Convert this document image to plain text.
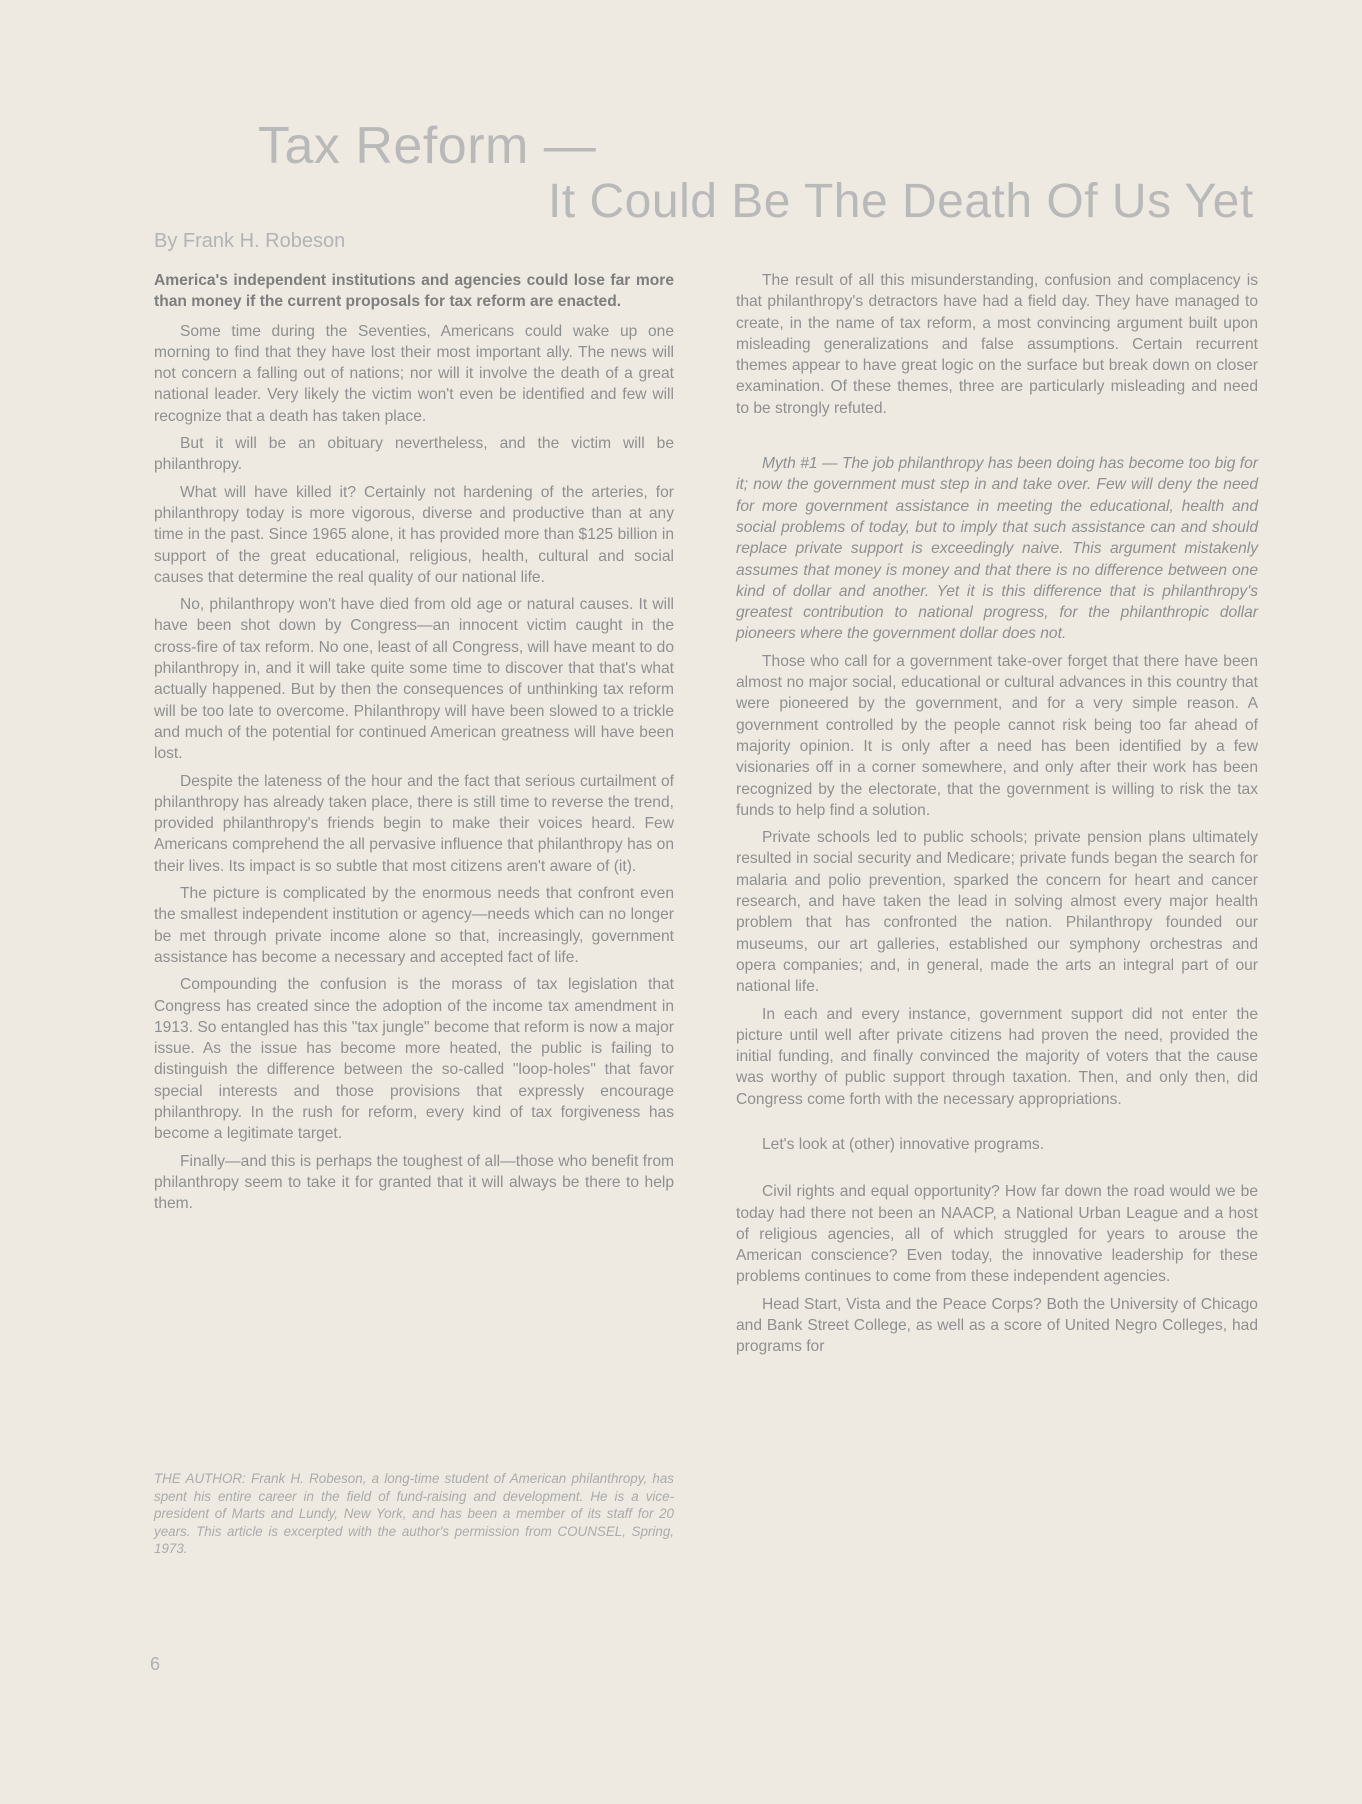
Tax Reform —
It Could Be The Death Of Us Yet
By Frank H. Robeson

America's independent institutions and agencies could lose far more than money if the current proposals for tax reform are enacted.

Some time during the Seventies, Americans could wake up one morning to find that they have lost their most important ally. The news will not concern a falling out of nations; nor will it involve the death of a great national leader. Very likely the victim won't even be identified and few will recognize that a death has taken place.

But it will be an obituary nevertheless, and the victim will be philanthropy.

What will have killed it? Certainly not hardening of the arteries, for philanthropy today is more vigorous, diverse and productive than at any time in the past. Since 1965 alone, it has provided more than $125 billion in support of the great educational, religious, health, cultural and social causes that determine the real quality of our national life.

No, philanthropy won't have died from old age or natural causes. It will have been shot down by Congress—an innocent victim caught in the cross-fire of tax reform. No one, least of all Congress, will have meant to do philanthropy in, and it will take quite some time to discover that that's what actually happened. But by then the consequences of unthinking tax reform will be too late to overcome. Philanthropy will have been slowed to a trickle and much of the potential for continued American greatness will have been lost.

Despite the lateness of the hour and the fact that serious curtailment of philanthropy has already taken place, there is still time to reverse the trend, provided philanthropy's friends begin to make their voices heard. Few Americans comprehend the all pervasive influence that philanthropy has on their lives. Its impact is so subtle that most citizens aren't aware of (it).

The picture is complicated by the enormous needs that confront even the smallest independent institution or agency—needs which can no longer be met through private income alone so that, increasingly, government assistance has become a necessary and accepted fact of life.

Compounding the confusion is the morass of tax legislation that Congress has created since the adoption of the income tax amendment in 1913. So entangled has this "tax jungle" become that reform is now a major issue. As the issue has become more heated, the public is failing to distinguish the difference between the so-called "loop-holes" that favor special interests and those provisions that expressly encourage philanthropy. In the rush for reform, every kind of tax forgiveness has become a legitimate target.

Finally—and this is perhaps the toughest of all—those who benefit from philanthropy seem to take it for granted that it will always be there to help them.

THE AUTHOR: Frank H. Robeson, a long-time student of American philanthropy, has spent his entire career in the field of fund-raising and development. He is a vice-president of Marts and Lundy, New York, and has been a member of its staff for 20 years. This article is excerpted with the author's permission from COUNSEL, Spring, 1973.

The result of all this misunderstanding, confusion and complacency is that philanthropy's detractors have had a field day. They have managed to create, in the name of tax reform, a most convincing argument built upon misleading generalizations and false assumptions. Certain recurrent themes appear to have great logic on the surface but break down on closer examination. Of these themes, three are particularly misleading and need to be strongly refuted.

Myth #1 — The job philanthropy has been doing has become too big for it; now the government must step in and take over. Few will deny the need for more government assistance in meeting the educational, health and social problems of today, but to imply that such assistance can and should replace private support is exceedingly naive. This argument mistakenly assumes that money is money and that there is no difference between one kind of dollar and another. Yet it is this difference that is philanthropy's greatest contribution to national progress, for the philanthropic dollar pioneers where the government dollar does not.

Those who call for a government take-over forget that there have been almost no major social, educational or cultural advances in this country that were pioneered by the government, and for a very simple reason. A government controlled by the people cannot risk being too far ahead of majority opinion. It is only after a need has been identified by a few visionaries off in a corner somewhere, and only after their work has been recognized by the electorate, that the government is willing to risk the tax funds to help find a solution.

Private schools led to public schools; private pension plans ultimately resulted in social security and Medicare; private funds began the search for malaria and polio prevention, sparked the concern for heart and cancer research, and have taken the lead in solving almost every major health problem that has confronted the nation. Philanthropy founded our museums, our art galleries, established our symphony orchestras and opera companies; and, in general, made the arts an integral part of our national life.

In each and every instance, government support did not enter the picture until well after private citizens had proven the need, provided the initial funding, and finally convinced the majority of voters that the cause was worthy of public support through taxation. Then, and only then, did Congress come forth with the necessary appropriations.

Let's look at (other) innovative programs.

Civil rights and equal opportunity? How far down the road would we be today had there not been an NAACP, a National Urban League and a host of religious agencies, all of which struggled for years to arouse the American conscience? Even today, the innovative leadership for these problems continues to come from these independent agencies.

Head Start, Vista and the Peace Corps? Both the University of Chicago and Bank Street College, as well as a score of United Negro Colleges, had programs for

6
